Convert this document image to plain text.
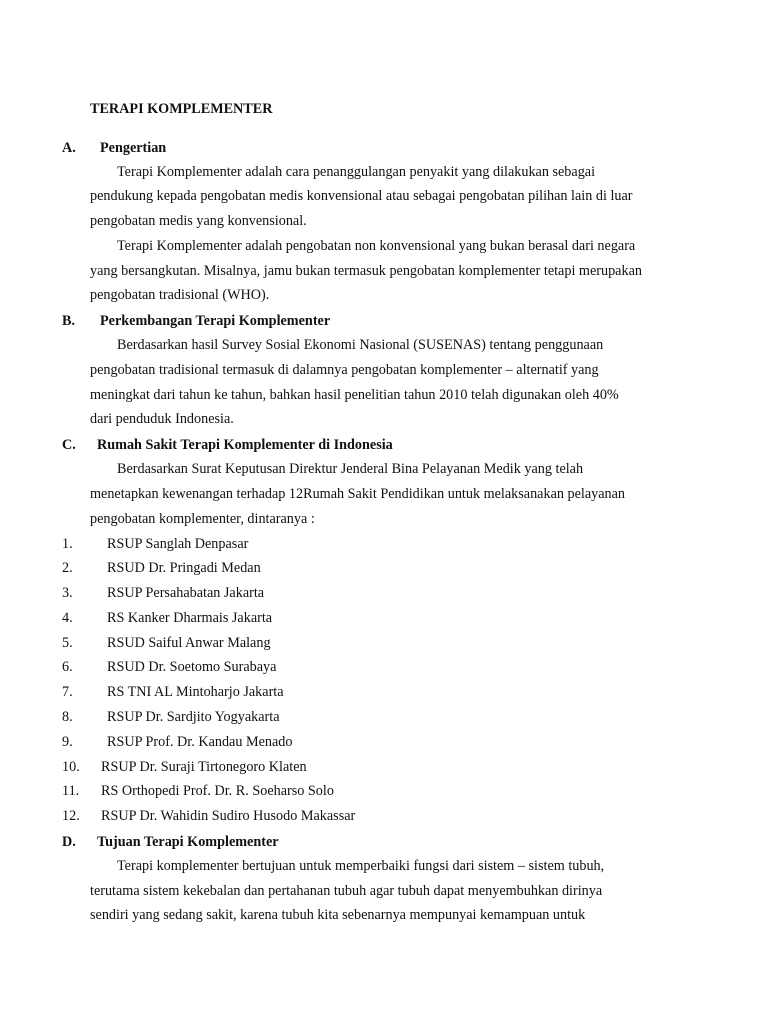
TERAPI KOMPLEMENTER
A. Pengertian
Terapi Komplementer adalah cara penanggulangan penyakit yang dilakukan sebagai
pendukung kepada pengobatan medis konvensional atau sebagai pengobatan pilihan lain di luar
pengobatan medis yang konvensional.
Terapi Komplementer adalah pengobatan non konvensional yang bukan berasal dari negara
yang bersangkutan. Misalnya, jamu bukan termasuk pengobatan komplementer tetapi merupakan
pengobatan tradisional (WHO).
B. Perkembangan Terapi Komplementer
Berdasarkan hasil Survey Sosial Ekonomi Nasional (SUSENAS) tentang penggunaan
pengobatan tradisional termasuk di dalamnya pengobatan komplementer – alternatif yang
meningkat dari tahun ke tahun, bahkan hasil penelitian tahun 2010 telah digunakan oleh 40%
dari penduduk Indonesia.
C. Rumah Sakit Terapi Komplementer di Indonesia
Berdasarkan Surat Keputusan Direktur Jenderal Bina Pelayanan Medik yang telah
menetapkan kewenangan terhadap 12Rumah Sakit Pendidikan untuk melaksanakan pelayanan
pengobatan komplementer, dintaranya :
1. RSUP Sanglah Denpasar
2. RSUD Dr. Pringadi Medan
3. RSUP Persahabatan Jakarta
4. RS Kanker Dharmais Jakarta
5. RSUD Saiful Anwar Malang
6. RSUD Dr. Soetomo Surabaya
7. RS TNI AL Mintoharjo Jakarta
8. RSUP Dr. Sardjito Yogyakarta
9. RSUP Prof. Dr. Kandau Menado
10. RSUP Dr. Suraji Tirtonegoro Klaten
11. RS Orthopedi Prof. Dr. R. Soeharso Solo
12. RSUP Dr. Wahidin Sudiro Husodo Makassar
D. Tujuan Terapi Komplementer
Terapi komplementer bertujuan untuk memperbaiki fungsi dari sistem – sistem tubuh,
terutama sistem kekebalan dan pertahanan tubuh agar tubuh dapat menyembuhkan dirinya
sendiri yang sedang sakit, karena tubuh kita sebenarnya mempunyai kemampuan untuk
